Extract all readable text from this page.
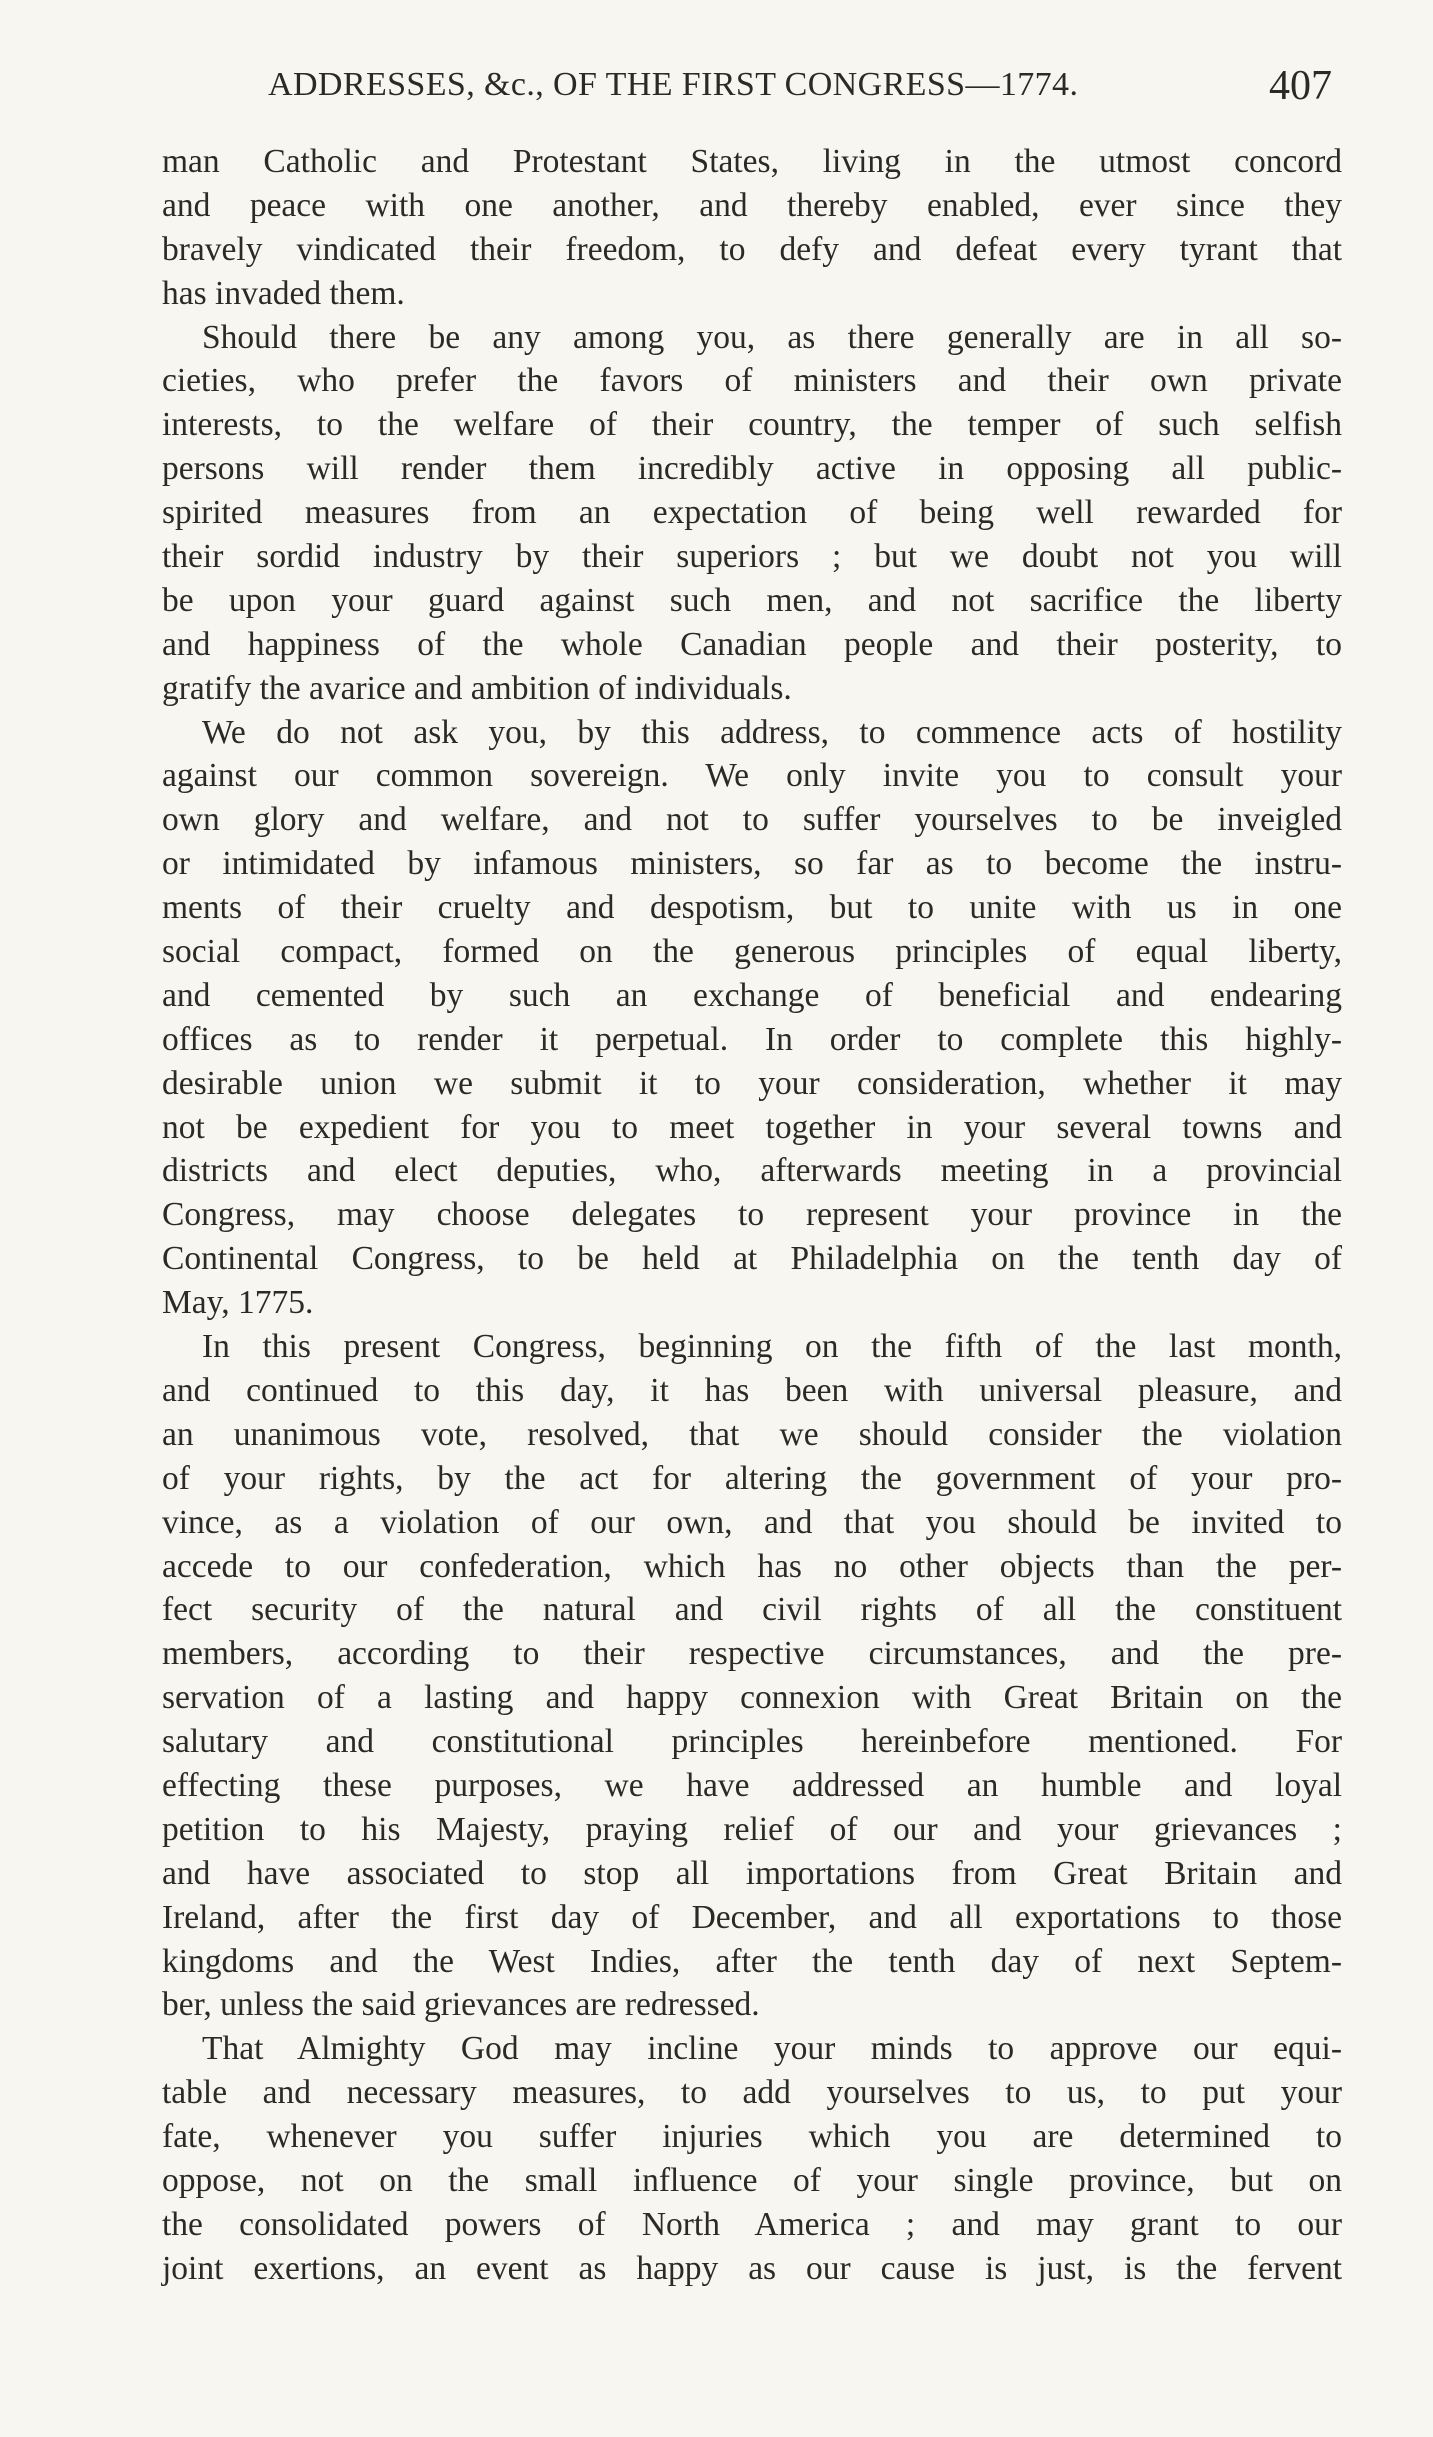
ADDRESSES, &c., OF THE FIRST CONGRESS—1774.	407
man Catholic and Protestant States, living in the utmost concord
and peace with one another, and thereby enabled, ever since they
bravely vindicated their freedom, to defy and defeat every tyrant that
has invaded them.
Should there be any among you, as there generally are in all so-
cieties, who prefer the favors of ministers and their own private
interests, to the welfare of their country, the temper of such selfish
persons will render them incredibly active in opposing all public-
spirited measures from an expectation of being well rewarded for
their sordid industry by their superiors ; but we doubt not you will
be upon your guard against such men, and not sacrifice the liberty
and happiness of the whole Canadian people and their posterity, to
gratify the avarice and ambition of individuals.
We do not ask you, by this address, to commence acts of hostility
against our common sovereign. We only invite you to consult your
own glory and welfare, and not to suffer yourselves to be inveigled
or intimidated by infamous ministers, so far as to become the instru-
ments of their cruelty and despotism, but to unite with us in one
social compact, formed on the generous principles of equal liberty,
and cemented by such an exchange of beneficial and endearing
offices as to render it perpetual. In order to complete this highly-
desirable union we submit it to your consideration, whether it may
not be expedient for you to meet together in your several towns and
districts and elect deputies, who, afterwards meeting in a provincial
Congress, may choose delegates to represent your province in the
Continental Congress, to be held at Philadelphia on the tenth day of
May, 1775.
In this present Congress, beginning on the fifth of the last month,
and continued to this day, it has been with universal pleasure, and
an unanimous vote, resolved, that we should consider the violation
of your rights, by the act for altering the government of your pro-
vince, as a violation of our own, and that you should be invited to
accede to our confederation, which has no other objects than the per-
fect security of the natural and civil rights of all the constituent
members, according to their respective circumstances, and the pre-
servation of a lasting and happy connexion with Great Britain on the
salutary and constitutional principles hereinbefore mentioned. For
effecting these purposes, we have addressed an humble and loyal
petition to his Majesty, praying relief of our and your grievances ;
and have associated to stop all importations from Great Britain and
Ireland, after the first day of December, and all exportations to those
kingdoms and the West Indies, after the tenth day of next Septem-
ber, unless the said grievances are redressed.
That Almighty God may incline your minds to approve our equi-
table and necessary measures, to add yourselves to us, to put your
fate, whenever you suffer injuries which you are determined to
oppose, not on the small influence of your single province, but on
the consolidated powers of North America ; and may grant to our
joint exertions, an event as happy as our cause is just, is the fervent
